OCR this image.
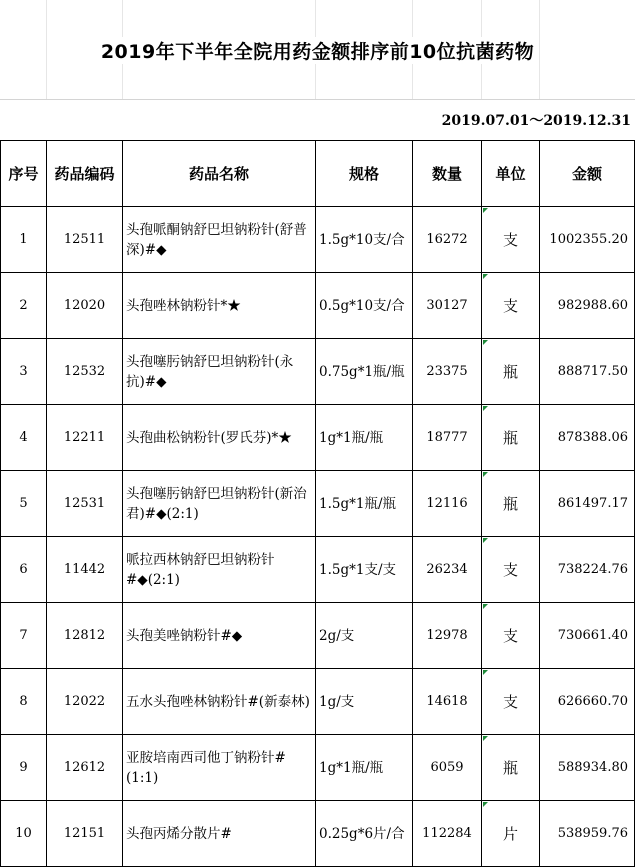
2019年下半年全院用药金额排序前10位抗菌药物
2019.07.01～2019.12.31
序号	药品编码	药品名称	规格	数量	单位	金额
1	12511	头孢哌酮钠舒巴坦钠粉针(舒普深)#◆	1.5g*10支/合	16272	支	1002355.20
2	12020	头孢唑林钠粉针*★	0.5g*10支/合	30127	支	982988.60
3	12532	头孢噻肟钠舒巴坦钠粉针(永抗)#◆	0.75g*1瓶/瓶	23375	瓶	888717.50
4	12211	头孢曲松钠粉针(罗氏芬)*★	1g*1瓶/瓶	18777	瓶	878388.06
5	12531	头孢噻肟钠舒巴坦钠粉针(新治君)#◆(2:1)	1.5g*1瓶/瓶	12116	瓶	861497.17
6	11442	哌拉西林钠舒巴坦钠粉针#◆(2:1)	1.5g*1支/支	26234	支	738224.76
7	12812	头孢美唑钠粉针#◆	2g/支	12978	支	730661.40
8	12022	五水头孢唑林钠粉针#(新泰林)	1g/支	14618	支	626660.70
9	12612	亚胺培南西司他丁钠粉针#(1:1)	1g*1瓶/瓶	6059	瓶	588934.80
10	12151	头孢丙烯分散片#	0.25g*6片/合	112284	片	538959.76
